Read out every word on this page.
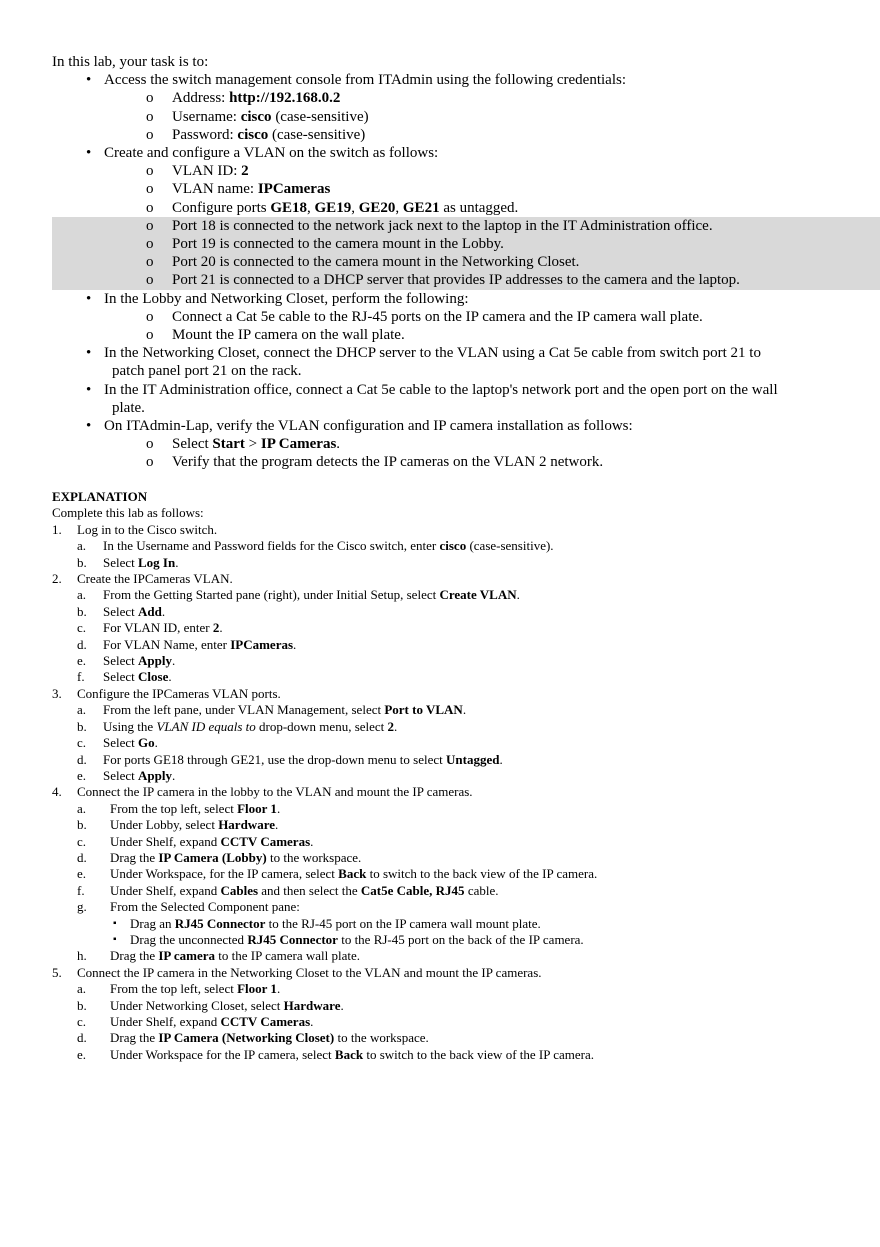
In this lab, your task is to:
• Access the switch management console from ITAdmin using the following credentials:
o Address: http://192.168.0.2
o Username: cisco (case-sensitive)
o Password: cisco (case-sensitive)
• Create and configure a VLAN on the switch as follows:
o VLAN ID: 2
o VLAN name: IPCameras
o Configure ports GE18, GE19, GE20, GE21 as untagged.
o Port 18 is connected to the network jack next to the laptop in the IT Administration office.
o Port 19 is connected to the camera mount in the Lobby.
o Port 20 is connected to the camera mount in the Networking Closet.
o Port 21 is connected to a DHCP server that provides IP addresses to the camera and the laptop.
• In the Lobby and Networking Closet, perform the following:
o Connect a Cat 5e cable to the RJ-45 ports on the IP camera and the IP camera wall plate.
o Mount the IP camera on the wall plate.
• In the Networking Closet, connect the DHCP server to the VLAN using a Cat 5e cable from switch port 21 to
patch panel port 21 on the rack.
• In the IT Administration office, connect a Cat 5e cable to the laptop's network port and the open port on the wall
plate.
• On ITAdmin-Lap, verify the VLAN configuration and IP camera installation as follows:
o Select Start > IP Cameras.
o Verify that the program detects the IP cameras on the VLAN 2 network.
EXPLANATION
Complete this lab as follows:
1. Log in to the Cisco switch.
a. In the Username and Password fields for the Cisco switch, enter cisco (case-sensitive).
b. Select Log In.
2. Create the IPCameras VLAN.
a. From the Getting Started pane (right), under Initial Setup, select Create VLAN.
b. Select Add.
c. For VLAN ID, enter 2.
d. For VLAN Name, enter IPCameras.
e. Select Apply.
f. Select Close.
3. Configure the IPCameras VLAN ports.
a. From the left pane, under VLAN Management, select Port to VLAN.
b. Using the VLAN ID equals to drop-down menu, select 2.
c. Select Go.
d. For ports GE18 through GE21, use the drop-down menu to select Untagged.
e. Select Apply.
4. Connect the IP camera in the lobby to the VLAN and mount the IP cameras.
a. From the top left, select Floor 1.
b. Under Lobby, select Hardware.
c. Under Shelf, expand CCTV Cameras.
d. Drag the IP Camera (Lobby) to the workspace.
e. Under Workspace, for the IP camera, select Back to switch to the back view of the IP camera.
f. Under Shelf, expand Cables and then select the Cat5e Cable, RJ45 cable.
g. From the Selected Component pane:
▪ Drag an RJ45 Connector to the RJ-45 port on the IP camera wall mount plate.
▪ Drag the unconnected RJ45 Connector to the RJ-45 port on the back of the IP camera.
h. Drag the IP camera to the IP camera wall plate.
5. Connect the IP camera in the Networking Closet to the VLAN and mount the IP cameras.
a. From the top left, select Floor 1.
b. Under Networking Closet, select Hardware.
c. Under Shelf, expand CCTV Cameras.
d. Drag the IP Camera (Networking Closet) to the workspace.
e. Under Workspace for the IP camera, select Back to switch to the back view of the IP camera.
